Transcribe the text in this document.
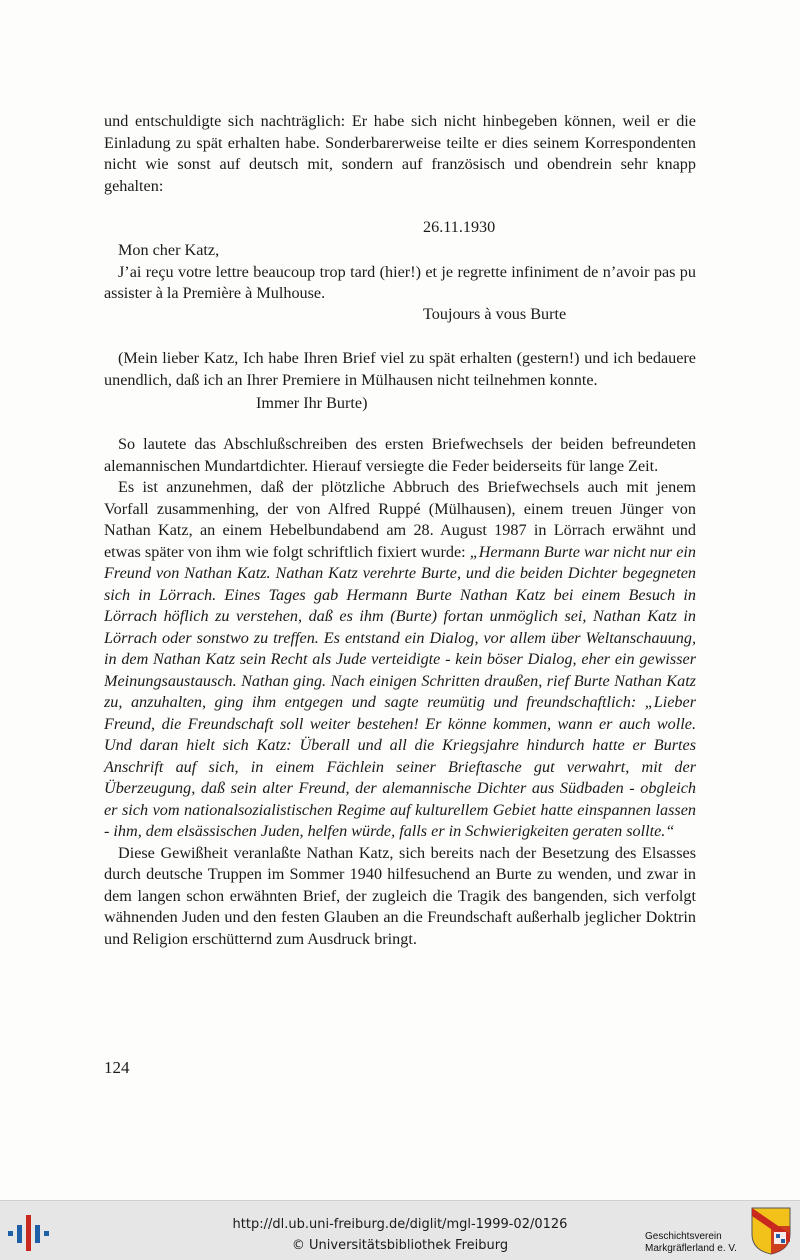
und entschuldigte sich nachträglich: Er habe sich nicht hinbegeben können, weil er die Einladung zu spät erhalten habe. Sonderbarerweise teilte er dies seinem Korrespondenten nicht wie sonst auf deutsch mit, sondern auf französisch und obendrein sehr knapp gehalten:

26.11.1930

Mon cher Katz,

J’ai reçu votre lettre beaucoup trop tard (hier!) et je regrette infiniment de n’avoir pas pu assister à la Première à Mulhouse.

Toujours à vous Burte

(Mein lieber Katz, Ich habe Ihren Brief viel zu spät erhalten (gestern!) und ich bedauere unendlich, daß ich an Ihrer Premiere in Mülhausen nicht teilnehmen konnte.

Immer Ihr Burte)

So lautete das Abschlußschreiben des ersten Briefwechsels der beiden befreundeten alemannischen Mundartdichter. Hierauf versiegte die Feder beiderseits für lange Zeit.

Es ist anzunehmen, daß der plötzliche Abbruch des Briefwechsels auch mit jenem Vorfall zusammenhing, der von Alfred Ruppé (Mülhausen), einem treuen Jünger von Nathan Katz, an einem Hebelbundabend am 28. August 1987 in Lörrach erwähnt und etwas später von ihm wie folgt schriftlich fixiert wurde: „Hermann Burte war nicht nur ein Freund von Nathan Katz. Nathan Katz verehrte Burte, und die beiden Dichter begegneten sich in Lörrach. Eines Tages gab Hermann Burte Nathan Katz bei einem Besuch in Lörrach höflich zu verstehen, daß es ihm (Burte) fortan unmöglich sei, Nathan Katz in Lörrach oder sonstwo zu treffen. Es entstand ein Dialog, vor allem über Weltanschauung, in dem Nathan Katz sein Recht als Jude verteidigte - kein böser Dialog, eher ein gewisser Meinungsaustausch. Nathan ging. Nach einigen Schritten draußen, rief Burte Nathan Katz zu, anzuhalten, ging ihm entgegen und sagte reumütig und freundschaftlich: „Lieber Freund, die Freundschaft soll weiter bestehen! Er könne kommen, wann er auch wolle. Und daran hielt sich Katz: Überall und all die Kriegsjahre hindurch hatte er Burtes Anschrift auf sich, in einem Fächlein seiner Brieftasche gut verwahrt, mit der Überzeugung, daß sein alter Freund, der alemannische Dichter aus Südbaden - obgleich er sich vom nationalsozialistischen Regime auf kulturellem Gebiet hatte einspannen lassen - ihm, dem elsässischen Juden, helfen würde, falls er in Schwierigkeiten geraten sollte.“

Diese Gewißheit veranlaßte Nathan Katz, sich bereits nach der Besetzung des Elsasses durch deutsche Truppen im Sommer 1940 hilfesuchend an Burte zu wenden, und zwar in dem langen schon erwähnten Brief, der zugleich die Tragik des bangenden, sich verfolgt wähnenden Juden und den festen Glauben an die Freundschaft außerhalb jeglicher Doktrin und Religion erschütternd zum Ausdruck bringt.

124
http://dl.ub.uni-freiburg.de/diglit/mgl-1999-02/0126
© Universitätsbibliothek Freiburg
Geschichtsverein
Markgräflerland e. V.
